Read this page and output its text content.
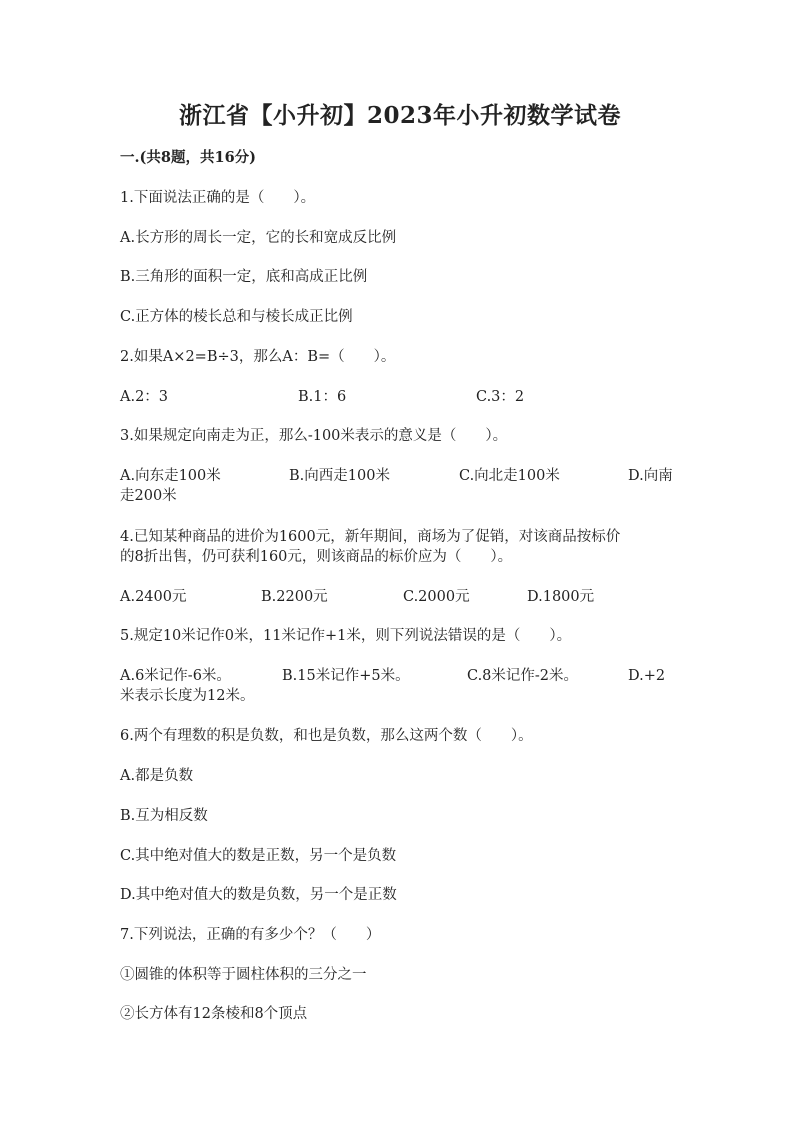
浙江省【小升初】2023年小升初数学试卷
一.(共8题，共16分)
1.下面说法正确的是（　　）。
A.长方形的周长一定，它的长和宽成反比例
B.三角形的面积一定，底和高成正比例
C.正方体的棱长总和与棱长成正比例
2.如果A×2=B÷3，那么A：B=（　　）。
A.2：3	B.1：6	C.3：2
3.如果规定向南走为正，那么-100米表示的意义是（　　）。
A.向东走100米	B.向西走100米	C.向北走100米	D.向南
走200米
4.已知某种商品的进价为1600元，新年期间，商场为了促销，对该商品按标价
的8折出售，仍可获利160元，则该商品的标价应为（　　）。
A.2400元	B.2200元	C.2000元	D.1800元
5.规定10米记作0米，11米记作+1米，则下列说法错误的是（　　）。
A.6米记作-6米。	B.15米记作+5米。	C.8米记作-2米。	D.+2
米表示长度为12米。
6.两个有理数的积是负数，和也是负数，那么这两个数（　　）。
A.都是负数
B.互为相反数
C.其中绝对值大的数是正数，另一个是负数
D.其中绝对值大的数是负数，另一个是正数
7.下列说法，正确的有多少个？（　　）
①圆锥的体积等于圆柱体积的三分之一
②长方体有12条棱和8个顶点
